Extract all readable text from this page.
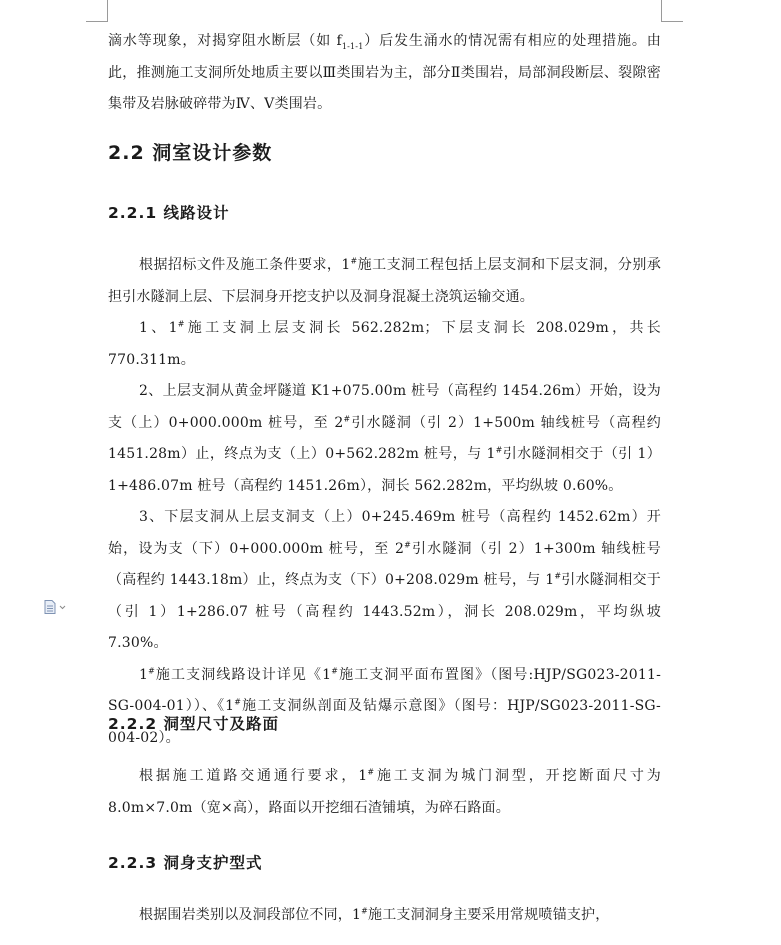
滴水等现象，对揭穿阻水断层（如 $f_{1-1-1}$）后发生涌水的情况需有相应的处理措施。由此，推测施工支洞所处地质主要以Ⅲ类围岩为主，部分Ⅱ类围岩，局部洞段断层、裂隙密集带及岩脉破碎带为Ⅳ、Ⅴ类围岩。

2.2 洞室设计参数
2.2.1 线路设计

根据招标文件及施工条件要求，1#施工支洞工程包括上层支洞和下层支洞，分别承担引水隧洞上层、下层洞身开挖支护以及洞身混凝土浇筑运输交通。

1、1#施工支洞上层支洞长 562.282m；下层支洞长 208.029m，共长 770.311m。

2、上层支洞从黄金坪隧道 K1+075.00m 桩号（高程约 1454.26m）开始，设为支（上）0+000.000m 桩号，至 2#引水隧洞（引 2）1+500m 轴线桩号（高程约 1451.28m）止，终点为支（上）0+562.282m 桩号，与 1#引水隧洞相交于（引 1）1+486.07m 桩号（高程约 1451.26m），洞长 562.282m，平均纵坡 0.60%。

3、下层支洞从上层支洞支（上）0+245.469m 桩号（高程约 1452.62m）开始，设为支（下）0+000.000m 桩号，至 2#引水隧洞（引 2）1+300m 轴线桩号（高程约 1443.18m）止，终点为支（下）0+208.029m 桩号，与 1#引水隧洞相交于（引 1）1+286.07 桩号（高程约 1443.52m），洞长 208.029m，平均纵坡 7.30%。

1#施工支洞线路设计详见《1#施工支洞平面布置图》（图号:HJP/SG023-2011-SG-004-01））、《1#施工支洞纵剖面及钻爆示意图》（图号：HJP/SG023-2011-SG-004-02）。

2.2.2 洞型尺寸及路面

根据施工道路交通通行要求，1#施工支洞为城门洞型，开挖断面尺寸为 8.0m×7.0m（宽×高），路面以开挖细石渣铺填，为碎石路面。

2.2.3 洞身支护型式

根据围岩类别以及洞段部位不同，1#施工支洞洞身主要采用常规喷锚支护，
